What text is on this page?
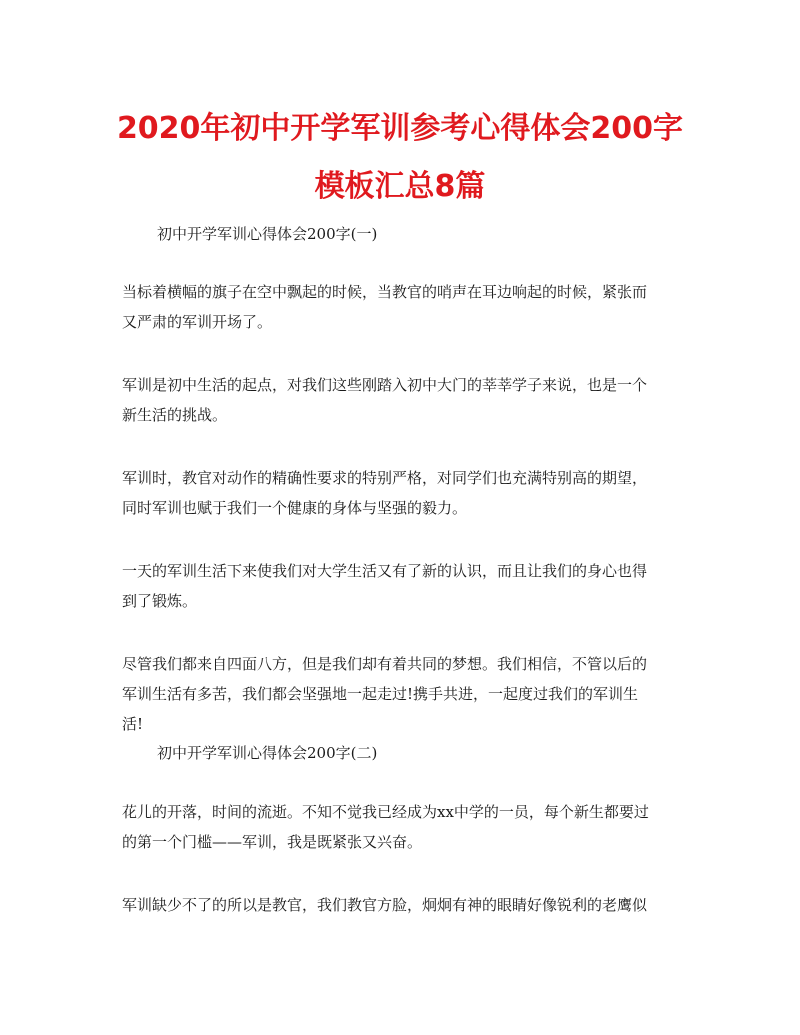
2020年初中开学军训参考心得体会200字
模板汇总8篇
初中开学军训心得体会200字(一)
当标着横幅的旗子在空中飘起的时候，当教官的哨声在耳边响起的时候，紧张而
又严肃的军训开场了。
军训是初中生活的起点，对我们这些刚踏入初中大门的莘莘学子来说，也是一个
新生活的挑战。
军训时，教官对动作的精确性要求的特别严格，对同学们也充满特别高的期望，
同时军训也赋于我们一个健康的身体与坚强的毅力。
一天的军训生活下来使我们对大学生活又有了新的认识，而且让我们的身心也得
到了锻炼。
尽管我们都来自四面八方，但是我们却有着共同的梦想。我们相信，不管以后的
军训生活有多苦，我们都会坚强地一起走过!携手共进，一起度过我们的军训生
活!
初中开学军训心得体会200字(二)
花儿的开落，时间的流逝。不知不觉我已经成为xx中学的一员，每个新生都要过
的第一个门槛——军训，我是既紧张又兴奋。
军训缺少不了的所以是教官，我们教官方脸，炯炯有神的眼睛好像锐利的老鹰似
